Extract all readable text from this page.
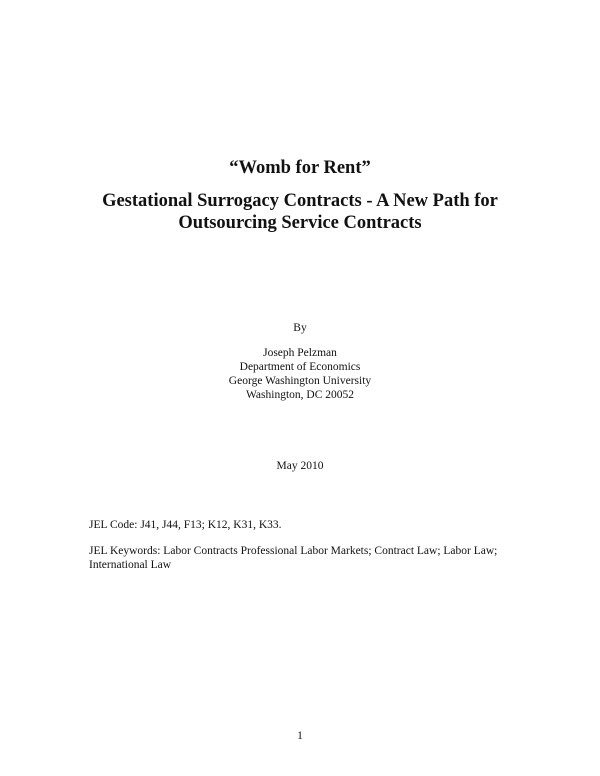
“Womb for Rent”
Gestational Surrogacy Contracts - A New Path for
Outsourcing Service Contracts
By
Joseph Pelzman
Department of Economics
George Washington University
Washington, DC 20052
May 2010
JEL Code: J41, J44, F13; K12, K31, K33.
JEL Keywords: Labor Contracts Professional Labor Markets; Contract Law; Labor Law;
International Law
1
